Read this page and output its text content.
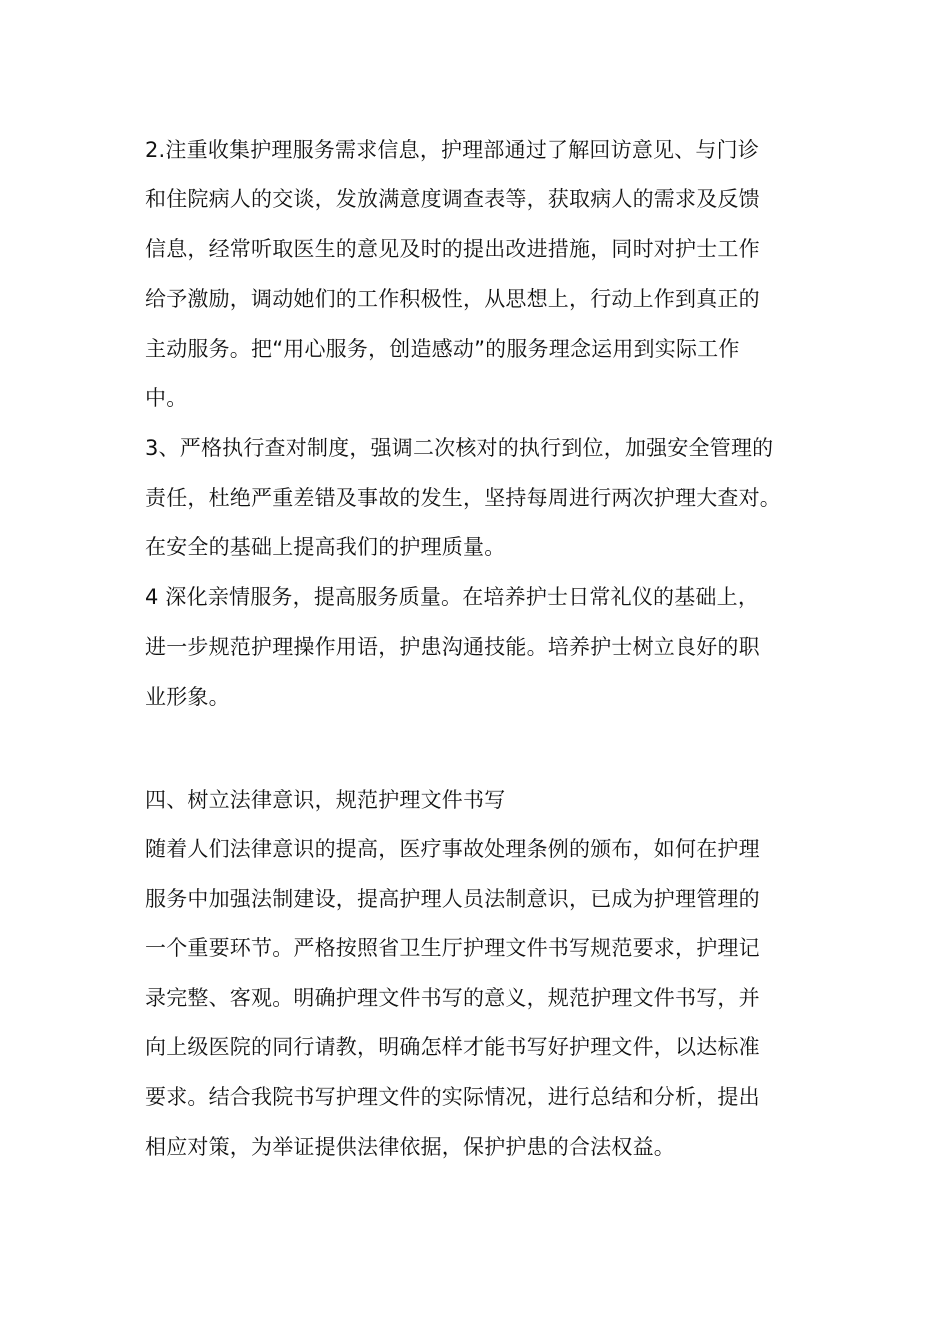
2.注重收集护理服务需求信息，护理部通过了解回访意见、与门诊
和住院病人的交谈，发放满意度调查表等，获取病人的需求及反馈
信息，经常听取医生的意见及时的提出改进措施，同时对护士工作
给予激励，调动她们的工作积极性，从思想上，行动上作到真正的
主动服务。把“用心服务，创造感动”的服务理念运用到实际工作
中。
3、严格执行查对制度，强调二次核对的执行到位，加强安全管理的
责任，杜绝严重差错及事故的发生，坚持每周进行两次护理大查对。
在安全的基础上提高我们的护理质量。
4 深化亲情服务，提高服务质量。在培养护士日常礼仪的基础上，
进一步规范护理操作用语，护患沟通技能。培养护士树立良好的职
业形象。
四、树立法律意识，规范护理文件书写
随着人们法律意识的提高，医疗事故处理条例的颁布，如何在护理
服务中加强法制建设，提高护理人员法制意识，已成为护理管理的
一个重要环节。严格按照省卫生厅护理文件书写规范要求，护理记
录完整、客观。明确护理文件书写的意义，规范护理文件书写，并
向上级医院的同行请教，明确怎样才能书写好护理文件，以达标准
要求。结合我院书写护理文件的实际情况，进行总结和分析，提出
相应对策，为举证提供法律依据，保护护患的合法权益。
